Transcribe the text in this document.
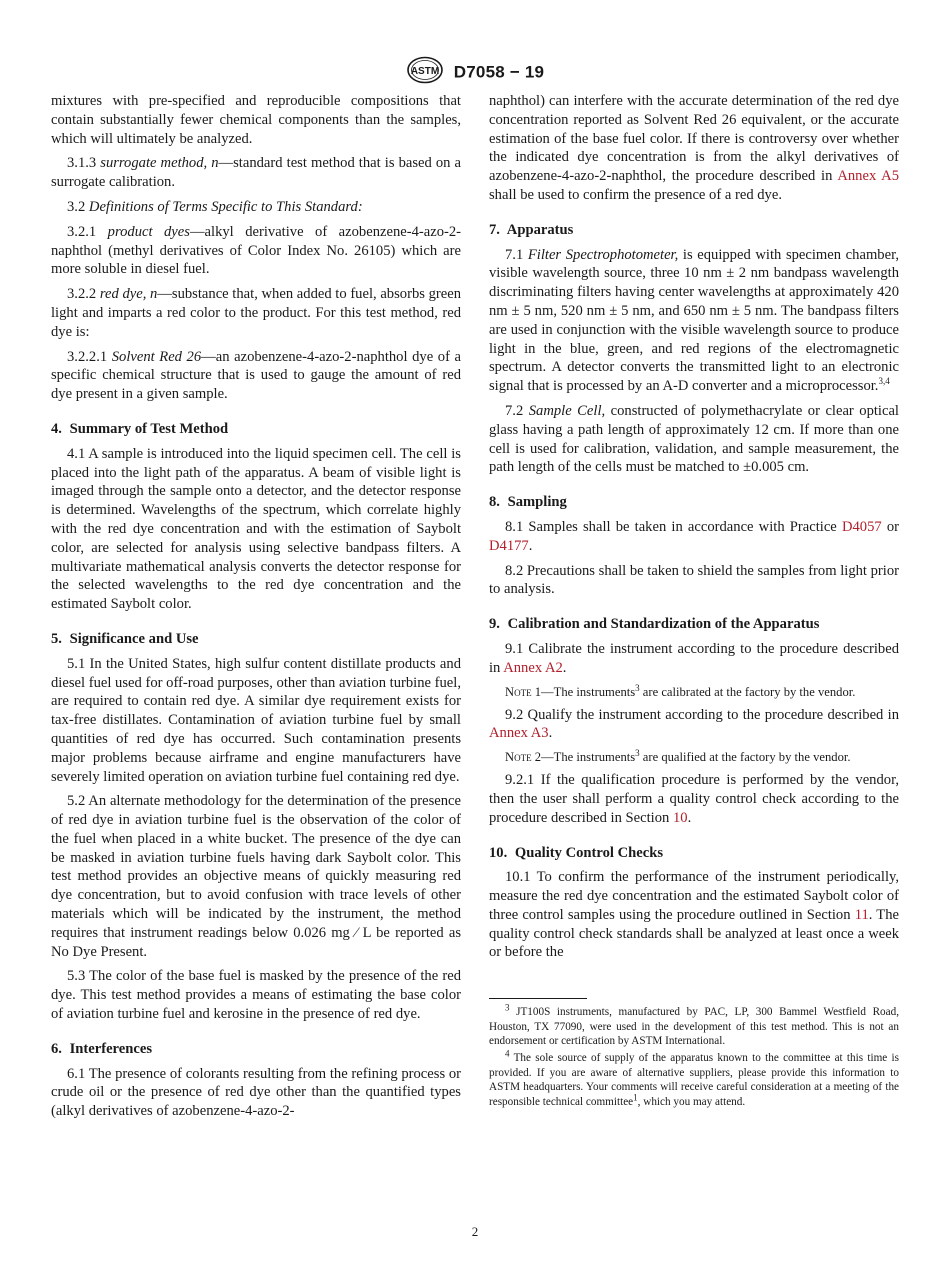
ASTM D7058 − 19

mixtures with pre-specified and reproducible compositions that contain substantially fewer chemical components than the samples, which will ultimately be analyzed.

3.1.3 surrogate method, n—standard test method that is based on a surrogate calibration.

3.2 Definitions of Terms Specific to This Standard:

3.2.1 product dyes—alkyl derivative of azobenzene-4-azo-2-naphthol (methyl derivatives of Color Index No. 26105) which are more soluble in diesel fuel.

3.2.2 red dye, n—substance that, when added to fuel, absorbs green light and imparts a red color to the product. For this test method, red dye is:

3.2.2.1 Solvent Red 26—an azobenzene-4-azo-2-naphthol dye of a specific chemical structure that is used to gauge the amount of red dye present in a given sample.

4. Summary of Test Method

4.1 A sample is introduced into the liquid specimen cell. The cell is placed into the light path of the apparatus. A beam of visible light is imaged through the sample onto a detector, and the detector response is determined. Wavelengths of the spectrum, which correlate highly with the red dye concentration and with the estimation of Saybolt color, are selected for analysis using selective bandpass filters. A multivariate mathematical analysis converts the detector response for the selected wavelengths to the red dye concentration and the estimated Saybolt color.

5. Significance and Use

5.1 In the United States, high sulfur content distillate products and diesel fuel used for off-road purposes, other than aviation turbine fuel, are required to contain red dye. A similar dye requirement exists for tax-free distillates. Contamination of aviation turbine fuel by small quantities of red dye has occurred. Such contamination presents major problems because airframe and engine manufacturers have severely limited operation on aviation turbine fuel containing red dye.

5.2 An alternate methodology for the determination of the presence of red dye in aviation turbine fuel is the observation of the color of the fuel when placed in a white bucket. The presence of the dye can be masked in aviation turbine fuels having dark Saybolt color. This test method provides an objective means of quickly measuring red dye concentration, but to avoid confusion with trace levels of other materials which will be indicated by the instrument, the method requires that instrument readings below 0.026 mg ⁄ L be reported as No Dye Present.

5.3 The color of the base fuel is masked by the presence of the red dye. This test method provides a means of estimating the base color of aviation turbine fuel and kerosine in the presence of red dye.

6. Interferences

6.1 The presence of colorants resulting from the refining process or crude oil or the presence of red dye other than the quantified types (alkyl derivatives of azobenzene-4-azo-2-

naphthol) can interfere with the accurate determination of the red dye concentration reported as Solvent Red 26 equivalent, or the accurate estimation of the base fuel color. If there is controversy over whether the indicated dye concentration is from the alkyl derivatives of azobenzene-4-azo-2-naphthol, the procedure described in Annex A5 shall be used to confirm the presence of a red dye.

7. Apparatus

7.1 Filter Spectrophotometer, is equipped with specimen chamber, visible wavelength source, three 10 nm ± 2 nm bandpass wavelength discriminating filters having center wavelengths at approximately 420 nm ± 5 nm, 520 nm ± 5 nm, and 650 nm ± 5 nm. The bandpass filters are used in conjunction with the visible wavelength source to produce light in the blue, green, and red regions of the electromagnetic spectrum. A detector converts the transmitted light to an electronic signal that is processed by an A-D converter and a microprocessor.$^{3,4}$

7.2 Sample Cell, constructed of polymethacrylate or clear optical glass having a path length of approximately 12 cm. If more than one cell is used for calibration, validation, and sample measurement, the path length of the cells must be matched to ±0.005 cm.

8. Sampling

8.1 Samples shall be taken in accordance with Practice D4057 or D4177.

8.2 Precautions shall be taken to shield the samples from light prior to analysis.

9. Calibration and Standardization of the Apparatus

9.1 Calibrate the instrument according to the procedure described in Annex A2.

Note 1—The instruments$^3$ are calibrated at the factory by the vendor.

9.2 Qualify the instrument according to the procedure described in Annex A3.

Note 2—The instruments$^3$ are qualified at the factory by the vendor.

9.2.1 If the qualification procedure is performed by the vendor, then the user shall perform a quality control check according to the procedure described in Section 10.

10. Quality Control Checks

10.1 To confirm the performance of the instrument periodically, measure the red dye concentration and the estimated Saybolt color of three control samples using the procedure outlined in Section 11. The quality control check standards shall be analyzed at least once a week or before the

$^3$ JT100S instruments, manufactured by PAC, LP, 300 Bammel Westfield Road, Houston, TX 77090, were used in the development of this test method. This is not an endorsement or certification by ASTM International.

$^4$ The sole source of supply of the apparatus known to the committee at this time is provided. If you are aware of alternative suppliers, please provide this information to ASTM headquarters. Your comments will receive careful consideration at a meeting of the responsible technical committee$^1$, which you may attend.

2
